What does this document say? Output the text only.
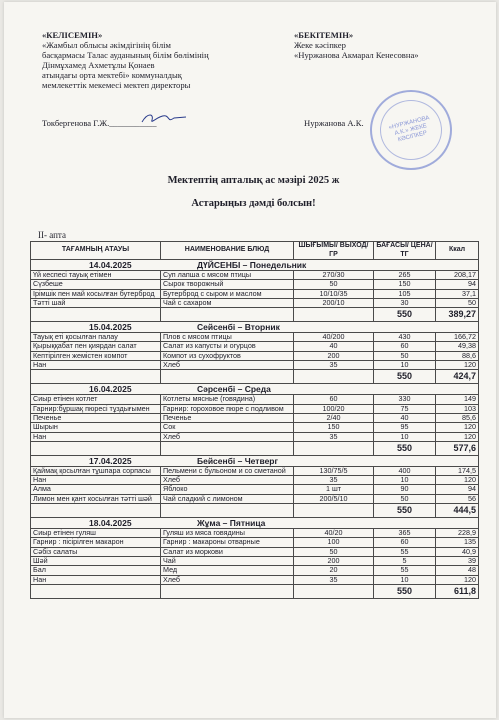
«КЕЛІСЕМІН»
«Жамбыл облысы әкімдігінің білім
басқармасы Талас ауданының білім бөлімінің
Дінмұхамед Ахметұлы Қонаев
атындағы орта мектебі» коммуналдық
мемлекеттік мекемесі мектеп директоры
«БЕКІТЕМІН»
Жеке кәсіпкер
«Нуржанова Акмарал Кенесовна»
Токбергенова Г.Ж.___________	Нуржанова А.К.	«НУРЖАНОВА А.К.» ЖЕКЕ КӘСІПКЕР
Мектептің апталық ас мәзірі 2025 ж
Астарыңыз дәмді болсын!
II- апта
ТАҒАМНЫҢ АТАУЫ	НАИМЕНОВАНИЕ БЛЮД	ШЫҒЫМЫ/ ВЫХОД/ГР	БАҒАСЫ/ ЦЕНА/ТГ	Ккал
14.04.2025 ДҮЙСЕНБІ – Понедельник				
Үй кеспесі тауық етімен	Суп лапша с мясом птицы	270/30	265	208,17
Сүзбеше	Сырок творожный	50	150	94
Ірімшік пен май косылған бутерброд	Бутерброд с сыром и маслом	10/10/35	105	37,1
Тәтті шай	Чай с сахаром	200/10	30	50
			550	389,27
15.04.2025 Сейсенбі – Вторник				
Тауық еті қосылған палау	Плов с мясом птицы	40/200	430	166,72
Қырыққабат пен қиярдан салат	Салат из капусты и огурцов	40	60	49,38
Кептірілген жемістен компот	Компот из сухофруктов	200	50	88,6
Нан	Хлеб	35	10	120
			550	424,7
16.04.2025 Сәрсенбі – Среда				
Сиыр етінен котлет	Котлеты мясные (говядина)	60	330	149
Гарнир:бұршақ пюресі тұздығымен	Гарнир: гороховое пюре с подливом	100/20	75	103
Печенье	Печенье	2/40	40	85,6
Шырын	Сок	150	95	120
Нан	Хлеб	35	10	120
			550	577,6
17.04.2025 Бейсенбі – Четверг				
Қаймақ қосылған тұшпара сорпасы	Пельмени с бульоном и со сметаной	130/75/5	400	174,5
Нан	Хлеб	35	10	120
Алма	Яблоко	1 шт	90	94
Лимон мен қант косылған тәтті шәй	Чай сладкий с лимоном	200/5/10	50	56
			550	444,5
18.04.2025 Жұма – Пятница				
Сиыр етінен гуляш	Гуляш из мяса говядины	40/20	365	228,9
Гарнир : пісірілген макарон	Гарнир : макароны отварные	100	60	135
Сәбіз салаты	Салат из моркови	50	55	40,9
Шәй	Чай	200	5	39
Бал	Мед	20	55	48
Нан	Хлеб	35	10	120
			550	611,8
